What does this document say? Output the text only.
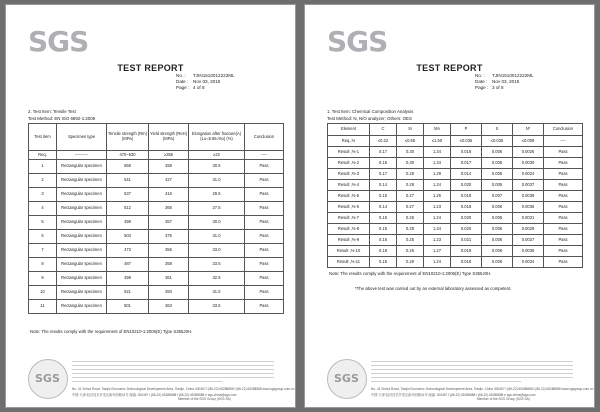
SGS
TEST REPORT
No. : TJIN1510012222ML
Date : Nov 03, 2015
Page : 4 of 8
2. Test Item: Tensile Test
Test Method: EN ISO 6892-1:2009
Test item	Specimen type	Tensile strength (Rm) (MPa)	Yield strength (ReH) (MPa)	Elongation after fracture(A) (Lo=5.65√So) (%)	Conclusion
Req.	----------	470~630	≥355	≥22	----
1	Rectangular specimen	568	458	30.5	Pass
2	Rectangular specimen	541	427	31.0	Pass
3	Rectangular specimen	537	416	29.5	Pass
4	Rectangular specimen	512	366	27.5	Pass
5	Rectangular specimen	498	357	30.0	Pass
6	Rectangular specimen	503	376	31.0	Pass
7	Rectangular specimen	473	356	33.0	Pass
8	Rectangular specimen	487	358	33.5	Pass
9	Rectangular specimen	499	361	32.5	Pass
10	Rectangular specimen	521	393	31.5	Pass
11	Rectangular specimen	501	363	33.5	Pass
Note: The results comply with the requirement of EN10210-1:2006(E) Type S355J0H.
SGS
No. 41 Xinhui Road, Tianjin Economic-Technological Development Area, Tianjin, China 300457 t (86-22) 65288888 f (86-22) 65288588 www.sgsgroup.com.cn
中国·天津·经济技术开发区新环西路41号 邮编: 300457 t (86-22) 65288888 f (86-22) 65288588 e sgs.china@sgs.com
Member of the SGS Group (SGS SA)
SGS
TEST REPORT
No. : TJIN1510012222ML
Date : Nov 03, 2015
Page : 3 of 8
1. Test Item: Chemical Composition Analysis
Test Method: N, N/O analyzer; Others: OES
Element	C	Si	Mn	P	S	N*	Conclusion
Req.,%	≤0.22	≤0.55	≤1.50	≤0.035	≤0.035	≤0.009	----
Result ,%-1	0.17	0.30	1.34	0.018	0.006	0.0026	Pass
Result ,%-2	0.15	0.30	1.34	0.017	0.005	0.0030	Pass
Result ,%-3	0.17	0.28	1.29	0.014	0.005	0.0024	Pass
Result ,%-4	0.14	0.28	1.24	0.020	0.005	0.0037	Pass
Result ,%-5	0.15	0.27	1.25	0.018	0.007	0.0039	Pass
Result ,%-6	0.14	0.27	1.23	0.018	0.006	0.0036	Pass
Result ,%-7	0.15	0.25	1.24	0.020	0.005	0.0031	Pass
Result ,%-8	0.15	0.28	1.34	0.020	0.006	0.0029	Pass
Result ,%-9	0.15	0.25	1.23	0.021	0.006	0.0027	Pass
Result ,%-10	0.18	0.26	1.27	0.019	0.006	0.0035	Pass
Result ,%-11	0.15	0.29	1.24	0.018	0.006	0.0034	Pass
Note: The results comply with the requirement of EN10210-1:2006(E) Type S355J0H.
*The above test was carried out by an external laboratory assessed as competent.
SGS
No. 41 Xinhui Road, Tianjin Economic-Technological Development Area, Tianjin, China 300457 t (86-22) 65288888 f (86-22) 65288588 www.sgsgroup.com.cn
中国·天津·经济技术开发区新环西路41号 邮编: 300457 t (86-22) 65288888 f (86-22) 65288588 e sgs.china@sgs.com
Member of the SGS Group (SGS SA)
